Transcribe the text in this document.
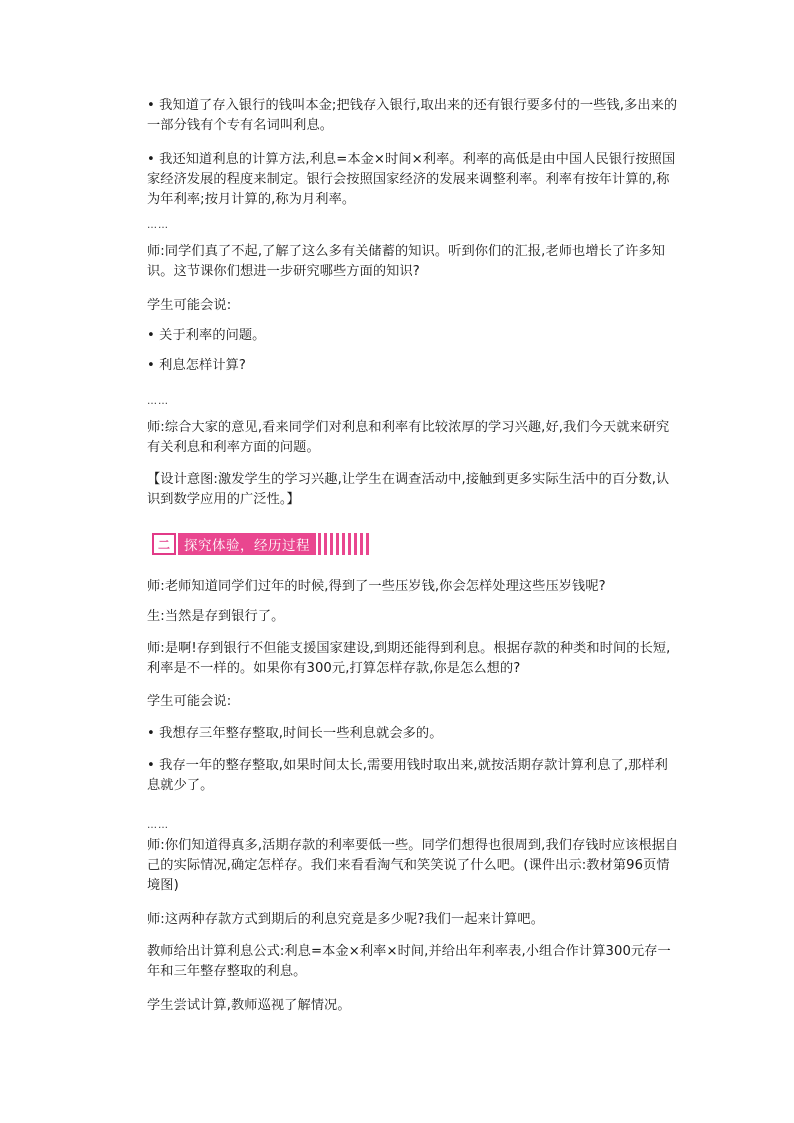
• 我知道了存入银行的钱叫本金;把钱存入银行,取出来的还有银行要多付的一些钱,多出来的一部分钱有个专有名词叫利息。

• 我还知道利息的计算方法,利息=本金×时间×利率。利率的高低是由中国人民银行按照国家经济发展的程度来制定。银行会按照国家经济的发展来调整利率。利率有按年计算的,称为年利率;按月计算的,称为月利率。

……

师:同学们真了不起,了解了这么多有关储蓄的知识。听到你们的汇报,老师也增长了许多知识。这节课你们想进一步研究哪些方面的知识?

学生可能会说:

• 关于利率的问题。

• 利息怎样计算?

……

师:综合大家的意见,看来同学们对利息和利率有比较浓厚的学习兴趣,好,我们今天就来研究有关利息和利率方面的问题。

【设计意图:激发学生的学习兴趣,让学生在调查活动中,接触到更多实际生活中的百分数,认识到数学应用的广泛性。】

二	探究体验，经历过程

师:老师知道同学们过年的时候,得到了一些压岁钱,你会怎样处理这些压岁钱呢?

生:当然是存到银行了。

师:是啊!存到银行不但能支援国家建设,到期还能得到利息。根据存款的种类和时间的长短,利率是不一样的。如果你有300元,打算怎样存款,你是怎么想的?

学生可能会说:

• 我想存三年整存整取,时间长一些利息就会多的。

• 我存一年的整存整取,如果时间太长,需要用钱时取出来,就按活期存款计算利息了,那样利息就少了。

……

师:你们知道得真多,活期存款的利率要低一些。同学们想得也很周到,我们存钱时应该根据自己的实际情况,确定怎样存。我们来看看淘气和笑笑说了什么吧。(课件出示:教材第96页情境图)

师:这两种存款方式到期后的利息究竟是多少呢?我们一起来计算吧。

教师给出计算利息公式:利息=本金×利率×时间,并给出年利率表,小组合作计算300元存一年和三年整存整取的利息。

学生尝试计算,教师巡视了解情况。
